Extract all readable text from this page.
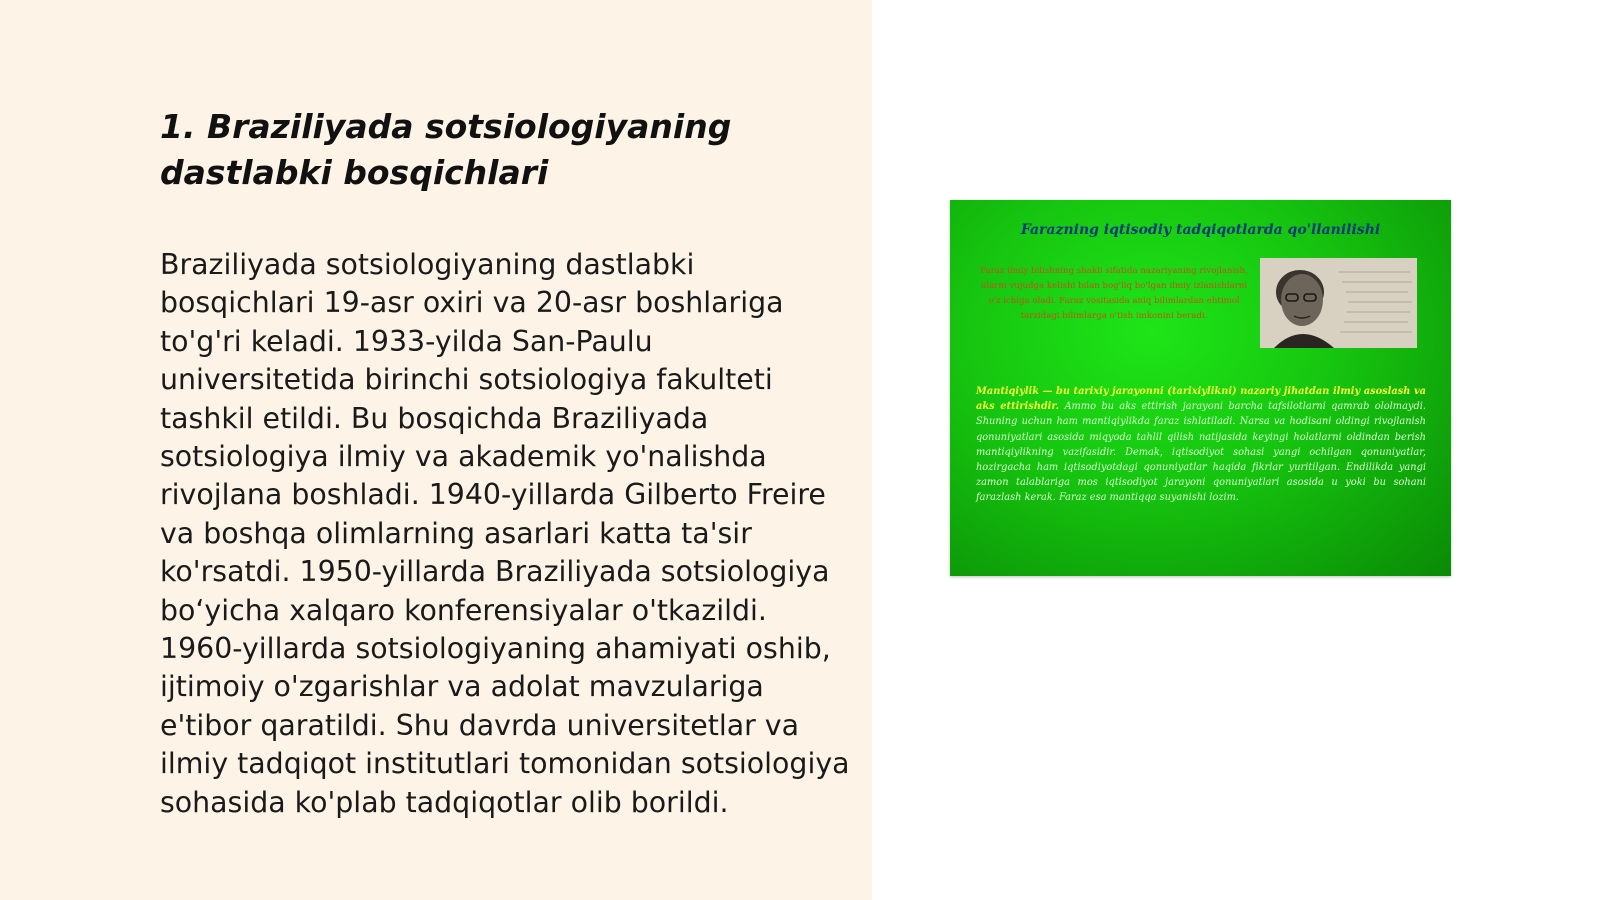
1. Braziliyada sotsiologiyaning dastlabki bosqichlari

Braziliyada sotsiologiyaning dastlabki bosqichlari 19-asr oxiri va 20-asr boshlariga to'g'ri keladi. 1933-yilda San-Paulu universitetida birinchi sotsiologiya fakulteti tashkil etildi. Bu bosqichda Braziliyada sotsiologiya ilmiy va akademik yo'nalishda rivojlana boshladi. 1940-yillarda Gilberto Freire va boshqa olimlarning asarlari katta ta'sir ko'rsatdi. 1950-yillarda Braziliyada sotsiologiya bo‘yicha xalqaro konferensiyalar o'tkazildi. 1960-yillarda sotsiologiyaning ahamiyati oshib, ijtimoiy o'zgarishlar va adolat mavzulariga e'tibor qaratildi. Shu davrda universitetlar va ilmiy tadqiqot institutlari tomonidan sotsiologiya sohasida ko'plab tadqiqotlar olib borildi.

Farazning iqtisodiy tadqiqotlarda qo'llanilishi
Faraz ilmiy bilishning shakli sifatida nazariyaning rivojlanish, ularni vujudga kelishi bilan bog'liq bo'lgan ilmiy izlanishlarni o'z ichiga oladi. Faraz vositasida aniq bilimlardan ehtimol tarzidagi bilimlarga o'tish imkonini beradi.
Mantiqiylik — bu tarixiy jarayonni (tarixiylikni) nazariy jihatdan ilmiy asoslash va aks ettirishdir. Ammo bu aks ettirish jarayoni barcha tafsilotlarni qamrab ololmaydi. Shuning uchun ham mantiqiylikda faraz ishlatiladi. Narsa va hodisani oldingi rivojlanish qonuniyatlari asosida miqyoda tahlil qilish natijasida keyingi holatlarni oldindan berish mantiqiylikning vazifasidir. Demak, iqtisodiyot sohasi yangi ochilgan qonuniyatlar, hozirgacha ham iqtisodiyotdagi qonuniyatlar haqida fikrlar yuritilgan. Endilikda yangi zamon talablariga mos iqtisodiyot jarayoni qonuniyatlari asosida u yoki bu sohani farazlash kerak. Faraz esa mantiqqa suyanishi lozim.
